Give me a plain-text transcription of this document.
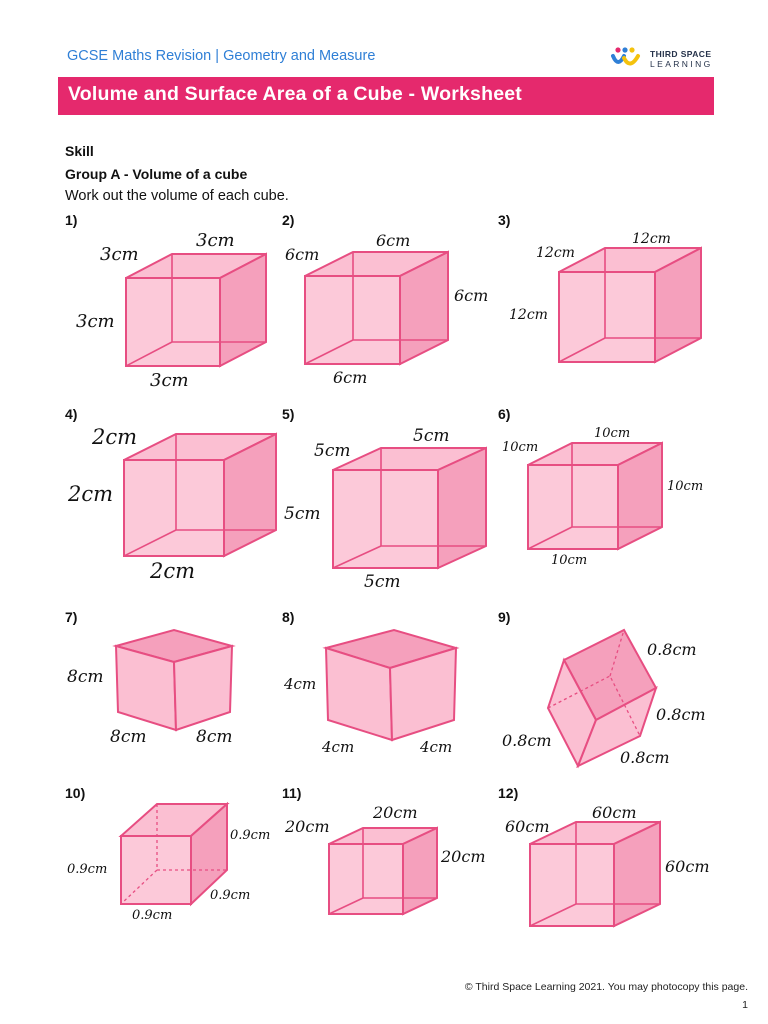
GCSE Maths Revision | Geometry and Measure	THIRD SPACE
LEARNING
Volume and Surface Area of a Cube - Worksheet
Skill
Group A - Volume of a cube
Work out the volume of each cube.
1)
3cm
3cm
3cm
3cm
2)
6cm
6cm
6cm
6cm
3)
12cm
12cm
12cm
4)
2cm
2cm
2cm
5)
5cm
5cm
5cm
5cm
6)
10cm
10cm
10cm
10cm
7)
8cm
8cm	8cm
8)
4cm
4cm	4cm
9)
0.8cm
0.8cm
0.8cm
0.8cm
10)
0.9cm
0.9cm
0.9cm
0.9cm
11)
20cm
20cm
20cm
12)
60cm
60cm
60cm
© Third Space Learning 2021. You may photocopy this page.
1
